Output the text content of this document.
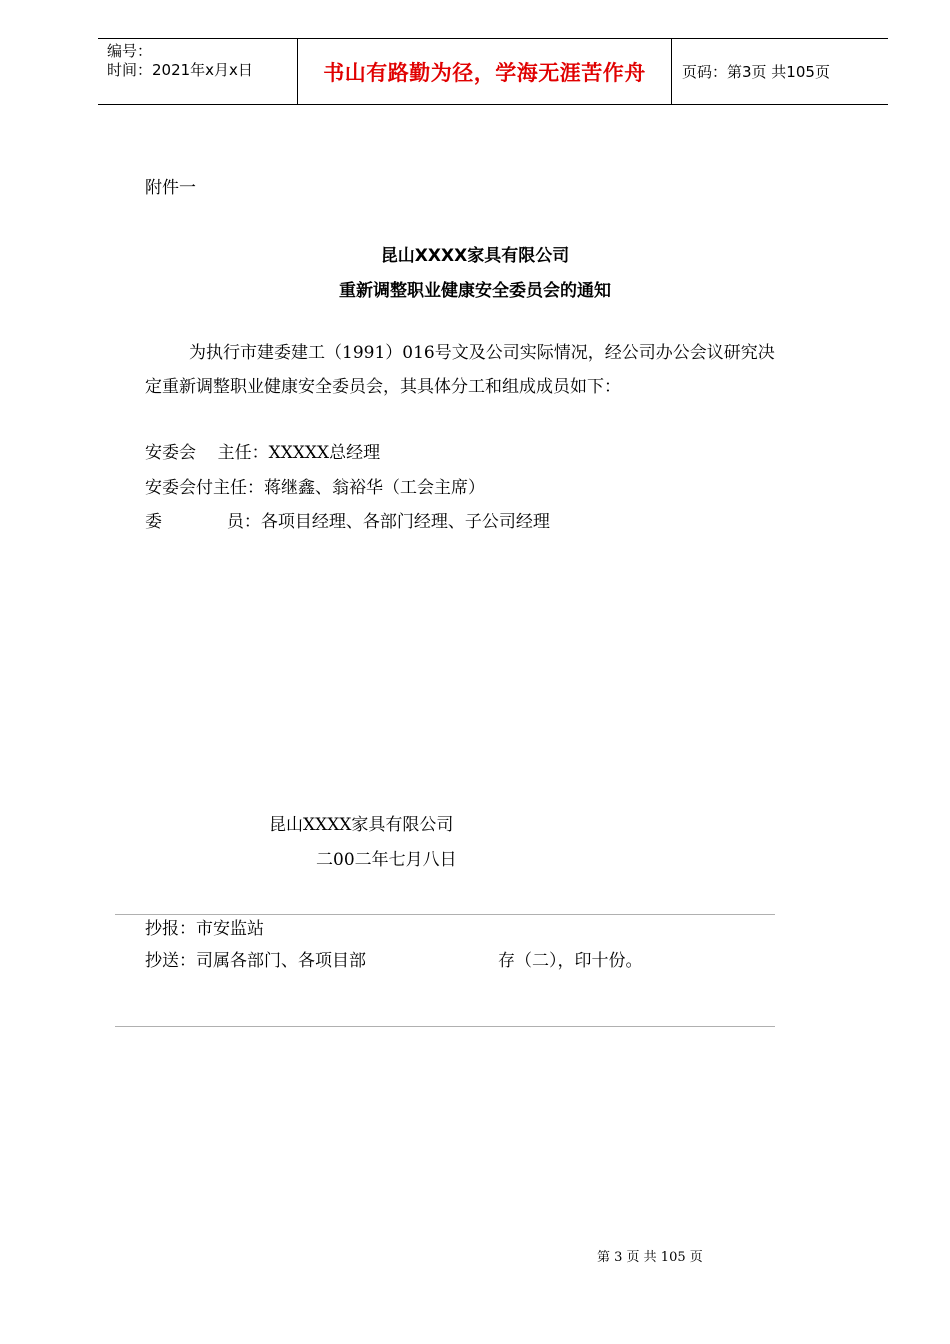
编号：
时间：2021年x月x日	书山有路勤为径，学海无涯苦作舟	页码：第3页 共105页
附件一
昆山XXXX家具有限公司
重新调整职业健康安全委员会的通知
为执行市建委建工（1991）016号文及公司实际情况，经公司办公会议研究决
定重新调整职业健康安全委员会，其具体分工和组成成员如下：
安委会    主任：XXXXX总经理
安委会付主任：蒋继鑫、翁裕华（工会主席）
委            员：各项目经理、各部门经理、子公司经理
昆山XXXX家具有限公司
二00二年七月八日
抄报：市安监站
抄送：司属各部门、各项目部	存（二），印十份。
第 3 页 共 105 页
